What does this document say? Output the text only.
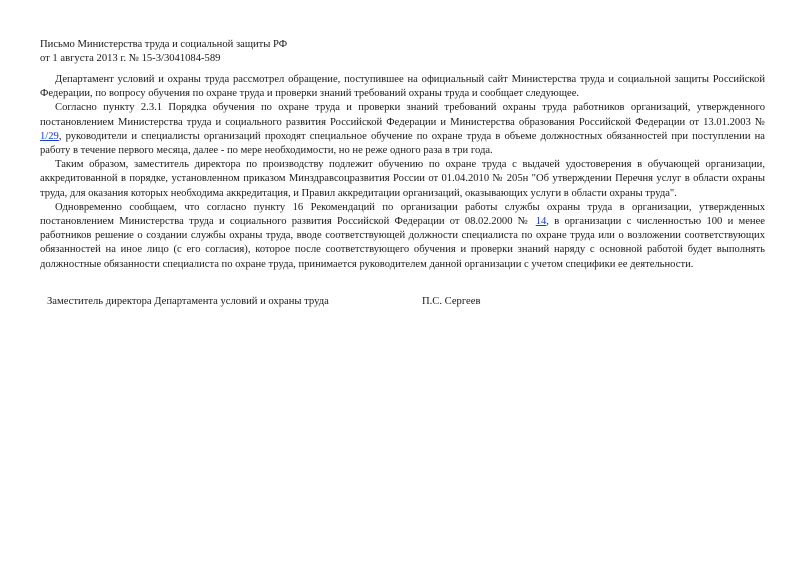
Письмо Министерства труда и социальной защиты РФ
от 1 августа 2013 г. № 15-3/3041084-589

Департамент условий и охраны труда рассмотрел обращение, поступившее на официальный сайт Министерства труда и социальной защиты Российской Федерации, по вопросу обучения по охране труда и проверки знаний требований охраны труда и сообщает следующее.

Согласно пункту 2.3.1 Порядка обучения по охране труда и проверки знаний требований охраны труда работников организаций, утвержденного постановлением Министерства труда и социального развития Российской Федерации и Министерства образования Российской Федерации от 13.01.2003 № 1/29, руководители и специалисты организаций проходят специальное обучение по охране труда в объеме должностных обязанностей при поступлении на работу в течение первого месяца, далее - по мере необходимости, но не реже одного раза в три года.

Таким образом, заместитель директора по производству подлежит обучению по охране труда с выдачей удостоверения в обучающей организации, аккредитованной в порядке, установленном приказом Минздравсоцразвития России от 01.04.2010 № 205н "Об утверждении Перечня услуг в области охраны труда, для оказания которых необходима аккредитация, и Правил аккредитации организаций, оказывающих услуги в области охраны труда".

Одновременно сообщаем, что согласно пункту 16 Рекомендаций по организации работы службы охраны труда в организации, утвержденных постановлением Министерства труда и социального развития Российской Федерации от 08.02.2000 № 14, в организации с численностью 100 и менее работников решение о создании службы охраны труда, вводе соответствующей должности специалиста по охране труда или о возложении соответствующих обязанностей на иное лицо (с его согласия), которое после соответствующего обучения и проверки знаний наряду с основной работой будет выполнять должностные обязанности специалиста по охране труда, принимается руководителем данной организации с учетом специфики ее деятельности.

Заместитель директора Департамента условий и охраны труда	П.С. Сергеев
